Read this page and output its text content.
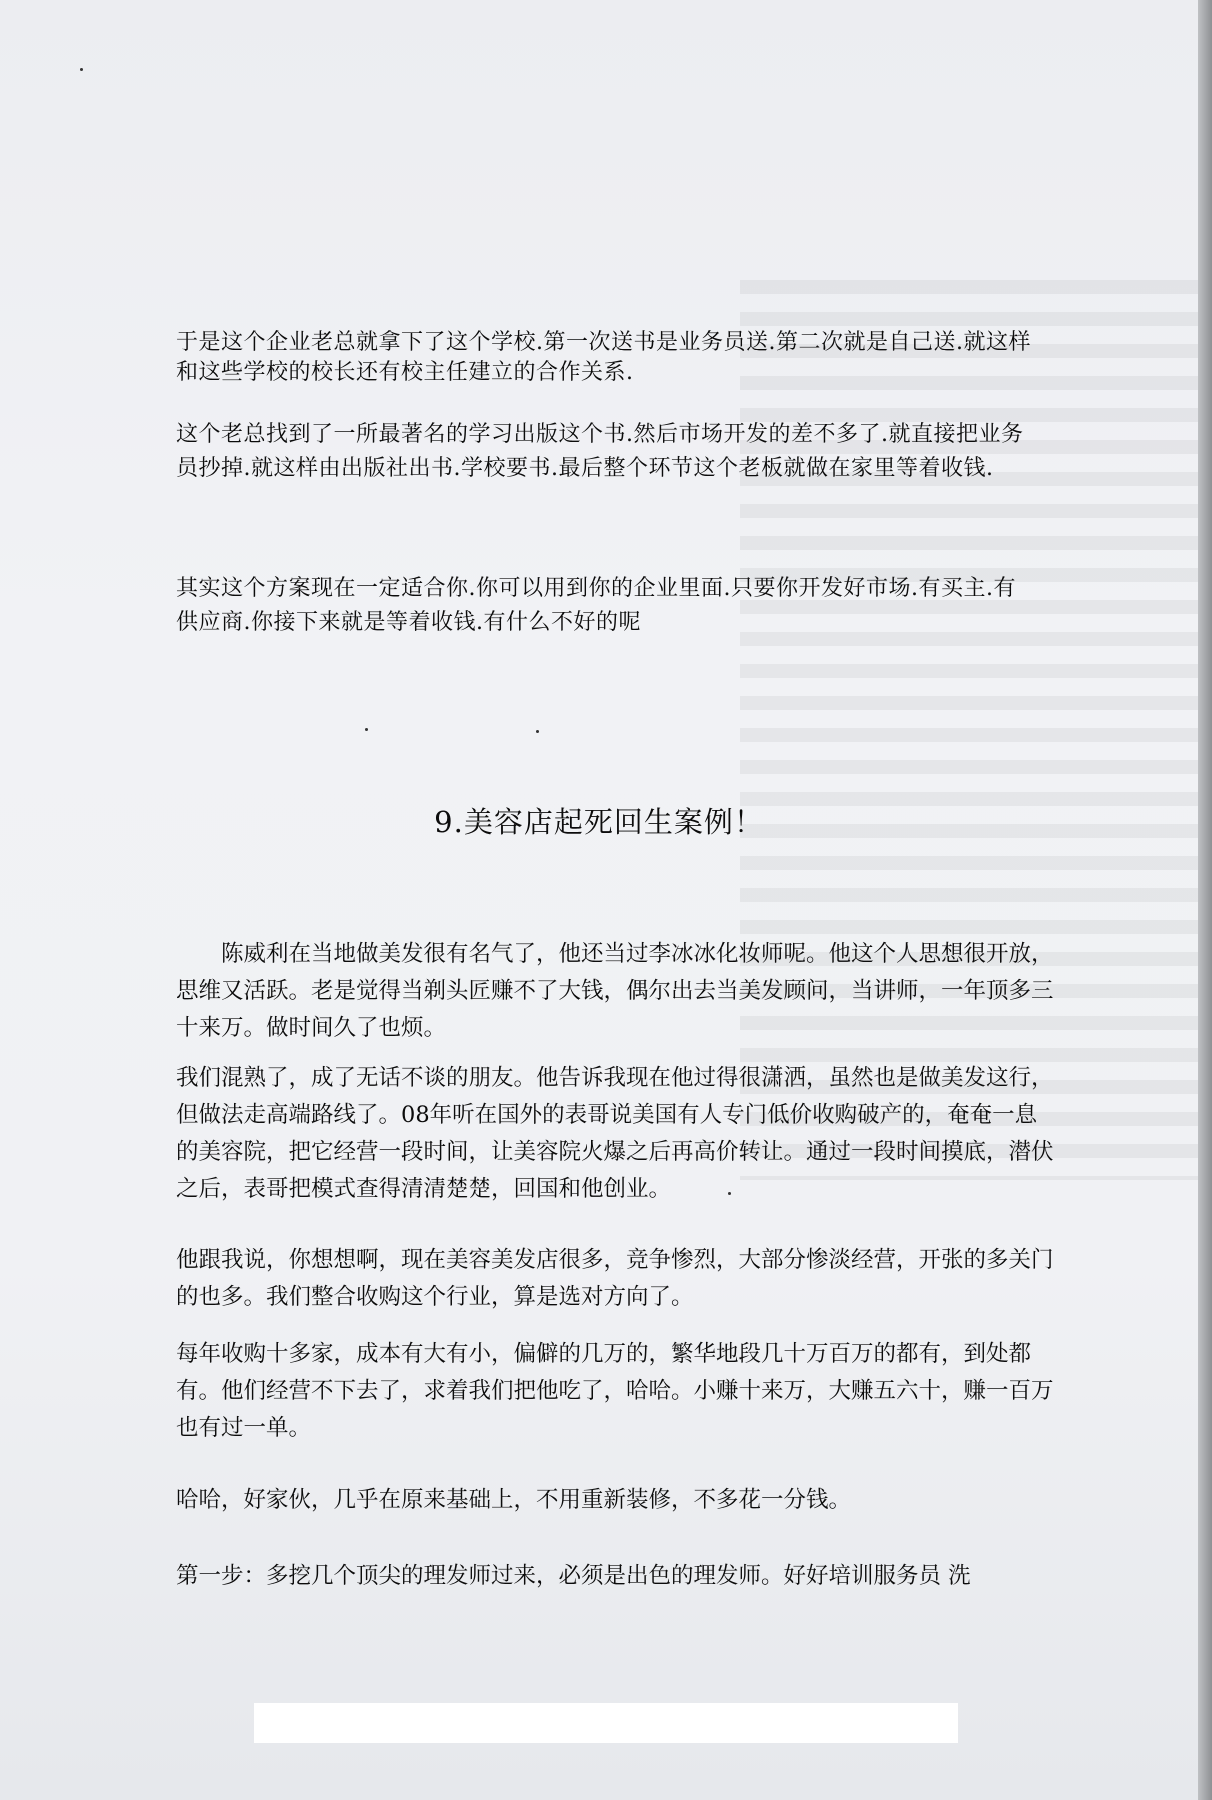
于是这个企业老总就拿下了这个学校.第一次送书是业务员送.第二次就是自己送.就这样和这些学校的校长还有校主任建立的合作关系.

这个老总找到了一所最著名的学习出版这个书.然后市场开发的差不多了.就直接把业务员抄掉.就这样由出版社出书.学校要书.最后整个环节这个老板就做在家里等着收钱.

其实这个方案现在一定适合你.你可以用到你的企业里面.只要你开发好市场.有买主.有供应商.你接下来就是等着收钱.有什么不好的呢

9.美容店起死回生案例！

　　陈威利在当地做美发很有名气了，他还当过李冰冰化妆师呢。他这个人思想很开放，思维又活跃。老是觉得当剃头匠赚不了大钱，偶尔出去当美发顾问，当讲师，一年顶多三十来万。做时间久了也烦。

我们混熟了，成了无话不谈的朋友。他告诉我现在他过得很潇洒，虽然也是做美发这行，但做法走高端路线了。08年听在国外的表哥说美国有人专门低价收购破产的，奄奄一息的美容院，把它经营一段时间，让美容院火爆之后再高价转让。通过一段时间摸底，潜伏之后，表哥把模式查得清清楚楚，回国和他创业。

他跟我说，你想想啊，现在美容美发店很多，竞争惨烈，大部分惨淡经营，开张的多关门的也多。我们整合收购这个行业，算是选对方向了。

每年收购十多家，成本有大有小，偏僻的几万的，繁华地段几十万百万的都有，到处都有。他们经营不下去了，求着我们把他吃了，哈哈。小赚十来万，大赚五六十，赚一百万也有过一单。

哈哈，好家伙，几乎在原来基础上，不用重新装修，不多花一分钱。

第一步：多挖几个顶尖的理发师过来，必须是出色的理发师。好好培训服务员 洗
